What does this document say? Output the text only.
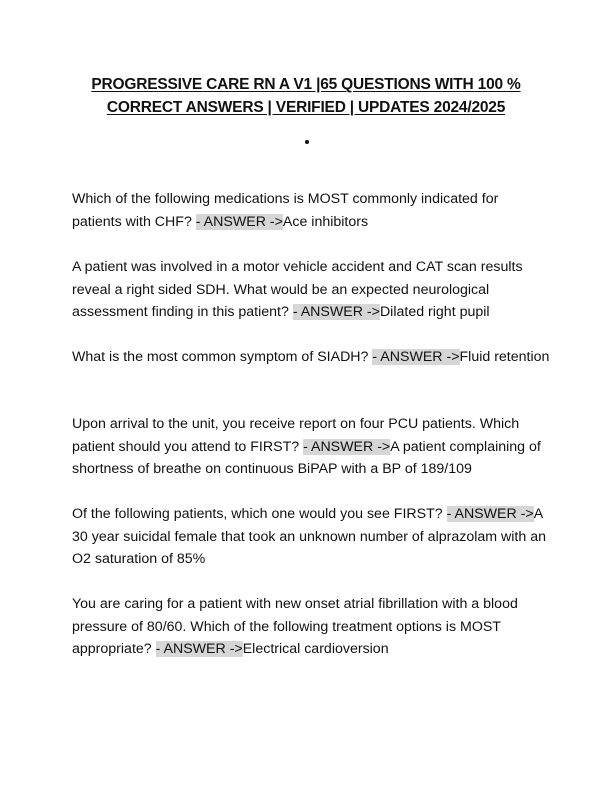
PROGRESSIVE CARE RN A V1 |65 QUESTIONS WITH 100 %
CORRECT ANSWERS | VERIFIED | UPDATES 2024/2025

Which of the following medications is MOST commonly indicated for patients with CHF? - ANSWER ->Ace inhibitors

A patient was involved in a motor vehicle accident and CAT scan results reveal a right sided SDH. What would be an expected neurological assessment finding in this patient? - ANSWER ->Dilated right pupil

What is the most common symptom of SIADH? - ANSWER ->Fluid retention

Upon arrival to the unit, you receive report on four PCU patients. Which patient should you attend to FIRST? - ANSWER ->A patient complaining of shortness of breathe on continuous BiPAP with a BP of 189/109

Of the following patients, which one would you see FIRST? - ANSWER ->A 30 year suicidal female that took an unknown number of alprazolam with an O2 saturation of 85%

You are caring for a patient with new onset atrial fibrillation with a blood pressure of 80/60. Which of the following treatment options is MOST appropriate? - ANSWER ->Electrical cardioversion
